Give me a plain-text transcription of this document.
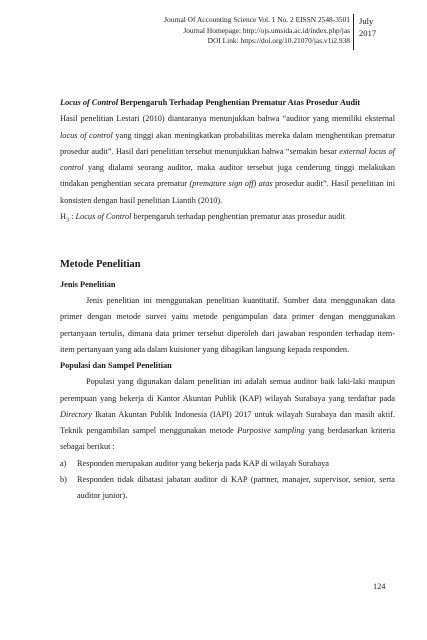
Journal Of Accounting Science Vol. 1 No. 2 EISSN 2548-3501
Journal Homepage: http://ojs.umsida.ac.id/index.php/jas
DOI Link: https://doi.org/10.21070/jas.v1i2.938
July
2017

Locus of Control Berpengaruh Terhadap Penghentian Prematur Atas Prosedur Audit

Hasil penelitian Lestari (2010) diantaranya menunjukkan bahwa “auditor yang memiliki eksternal locus of control yang tinggi akan meningkatkan probabilitas mereka dalam menghentikan prematur prosedur audit”. Hasil dari penelitian tersebut menunjukkan bahwa “semakin besar external locus of control yang dialami seorang auditor, maka auditor tersebut juga cenderung tinggi melakukan tindakan penghentian secara prematur (premature sign off) atas prosedur audit”. Hasil penelitian ini konsisten dengan hasil penelitian Liantih (2010).

$H_3$ : Locus of Control berpengaruh terhadap penghentian prematur atas prosedur audit

Metode Penelitian
Jenis Penelitian

Jenis penelitian ini menggunakan penelitian kuantitatif. Sumber data menggunakan data primer dengan metode survei yaitu metode pengumpulan data primer dengan menggunakan pertanyaan tertulis, dimana data primer tersebut diperoleh dari jawaban responden terhadap item-item pertanyaan yang ada dalam kuisioner yang dibagikan langsung kepada responden.

Populasi dan Sampel Penelitian

Populasi yang digunakan dalam penelitian ini adalah semua auditor baik laki-laki maupun perempuan yang bekerja di Kantor Akuntan Publik (KAP) wilayah Surabaya yang terdaftar pada Directory Ikatan Akuntan Publik Indonesia (IAPI) 2017 untuk wilayah Surabaya dan masih aktif. Teknik pengambilan sampel menggunakan metode Purposive sampling yang berdasarkan kriteria sebagai berikut :

a)	Responden merupakan auditor yang bekerja pada KAP di wilayah Surabaya
b)	Responden tidak dibatasi jabatan auditor di KAP (partner, manajer, supervisor, senior, serta auditor junior).
124
